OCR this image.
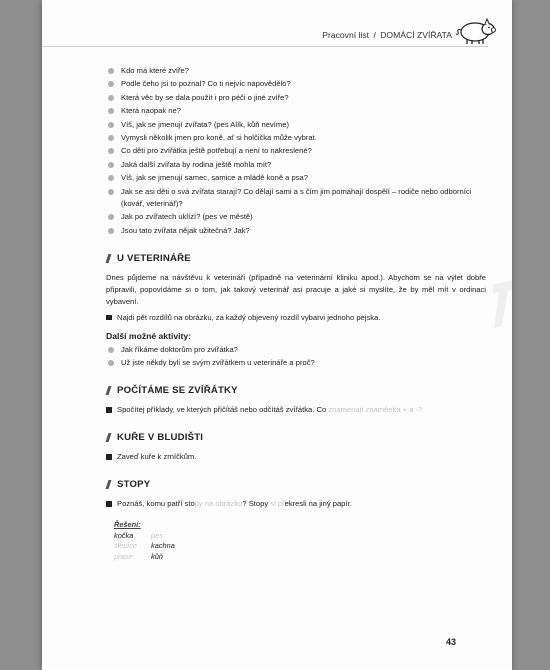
Pracovní list / DOMÁCÍ ZVÍŘATA
Kdo má které zvíře?
Podle čeho jsi to poznal? Co ti nejvíc napovědělo?
Která věc by se dala použít i pro péči o jiné zvíře?
Která naopak ne?
Víš, jak se jmenují zvířata? (pes Alík, kůň nevíme)
Vymysli několik jmen pro koně, ať si holčička může vybrat.
Co děti pro zvířátka ještě potřebují a není to nakreslené?
Jaká další zvířata by rodina ještě mohla mít?
Víš, jak se jmenují samec, samice a mládě koně a psa?
Jak se asi děti o svá zvířata starají? Co dělají sami a s čím jim pomáhají dospělí – rodiče nebo odborníci (kovář, veterinář)?
Jak po zvířatech uklízí? (pes ve městě)
Jsou tato zvířata nějak užitečná? Jak?
U VETERINÁŘE

Dnes půjdeme na návštěvu k veterináři (případně na veterinární kliniku apod.). Abychom se na výlet dobře připravili, popovídáme si o tom, jak takový veterinář asi pracuje a jaké si myslíte, že by měl mít v ordinaci vybavení.

Najdi pět rozdílů na obrázku, za každý objevený rozdíl vybarvi jednoho pejska.
Další možné aktivity:
Jak říkáme doktorům pro zvířátka?
Už jste někdy byli se svým zvířátkem u veterináře a proč?
POČÍTÁME SE ZVÍŘÁTKY
Spočítej příklady, ve kterých přičítáš nebo odčítáš zvířátka. Co znamenají znaménka + a -?
KUŘE V BLUDIŠTI
Zaveď kuře k zrníčkům.
STOPY
Poznáš, komu patří stopy na obrázku? Stopy si překresli na jiný papír.
Řešení:
kočka	pes
slepice	kachna
prase	kůň
43
